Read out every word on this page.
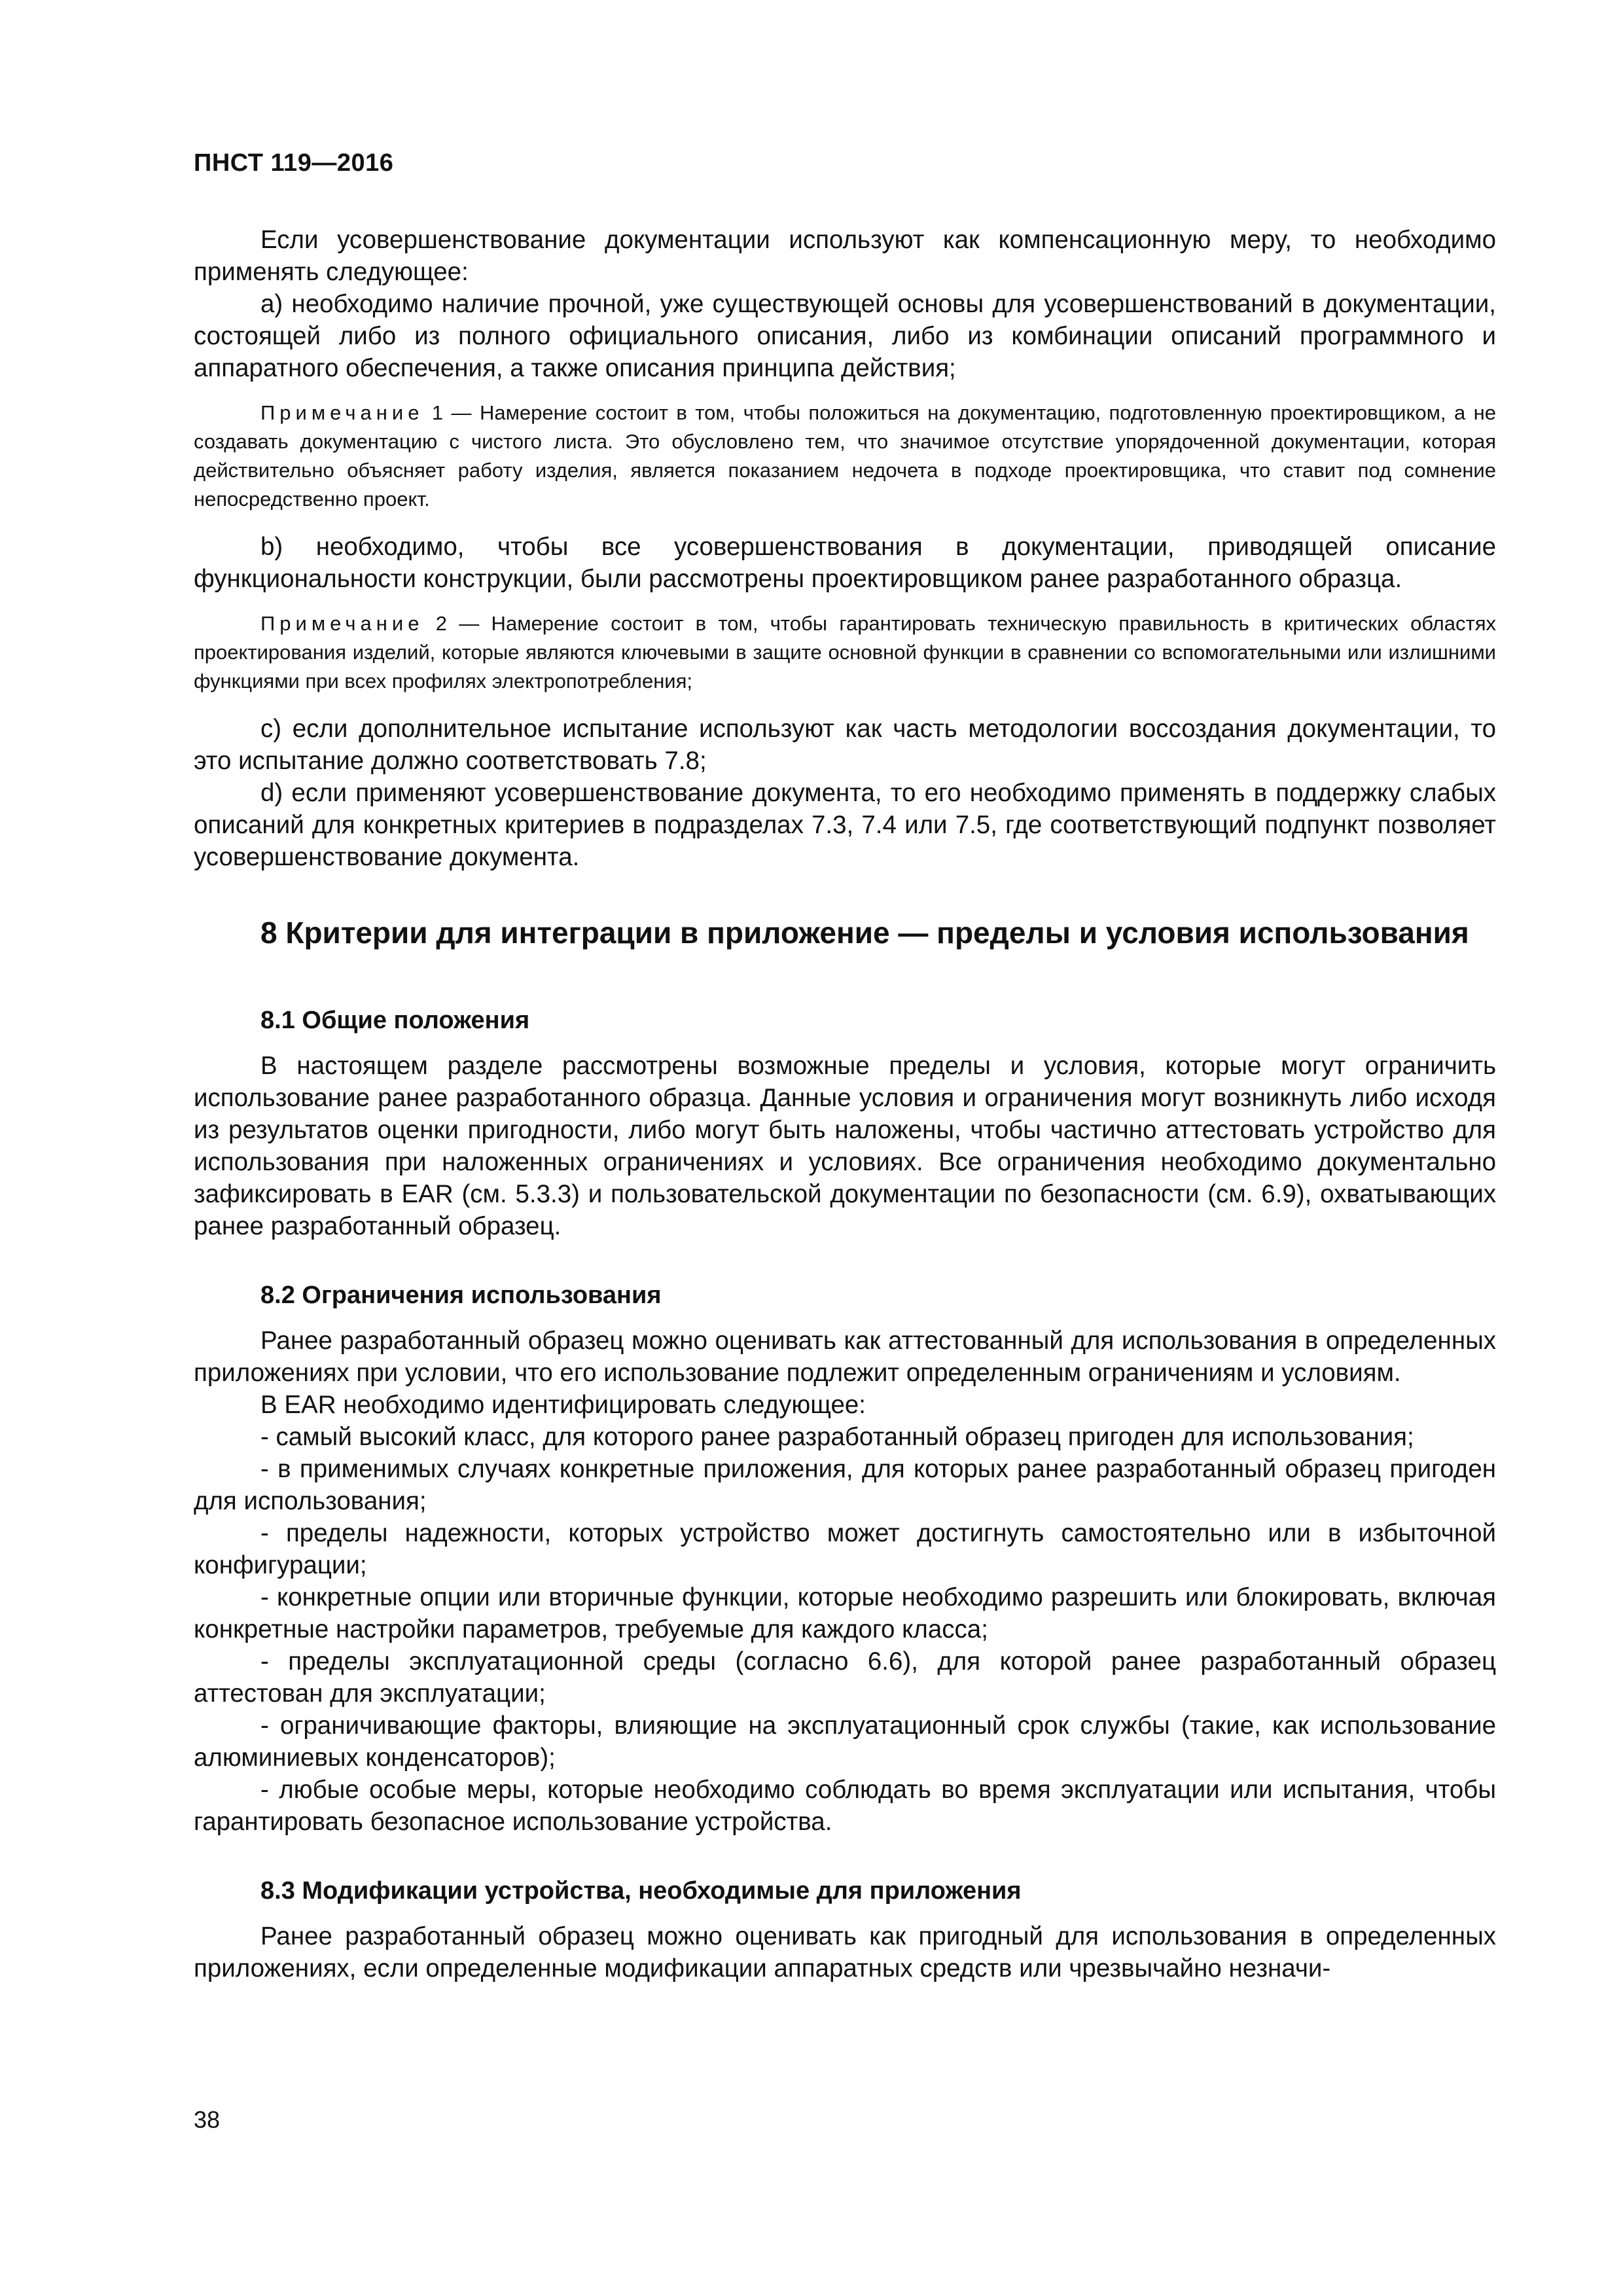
ПНСТ 119—2016

Если усовершенствование документации используют как компенсационную меру, то необходимо применять следующее:

а) необходимо наличие прочной, уже существующей основы для усовершенствований в документации, состоящей либо из полного официального описания, либо из комбинации описаний программного и аппаратного обеспечения, а также описания принципа действия;

Примечание 1 — Намерение состоит в том, чтобы положиться на документацию, подготовленную проектировщиком, а не создавать документацию с чистого листа. Это обусловлено тем, что значимое отсутствие упорядоченной документации, которая действительно объясняет работу изделия, является показанием недочета в подходе проектировщика, что ставит под сомнение непосредственно проект.

b) необходимо, чтобы все усовершенствования в документации, приводящей описание функциональности конструкции, были рассмотрены проектировщиком ранее разработанного образца.

Примечание 2 — Намерение состоит в том, чтобы гарантировать техническую правильность в критических областях проектирования изделий, которые являются ключевыми в защите основной функции в сравнении со вспомогательными или излишними функциями при всех профилях электропотребления;

c) если дополнительное испытание используют как часть методологии воссоздания документации, то это испытание должно соответствовать 7.8;

d) если применяют усовершенствование документа, то его необходимо применять в поддержку слабых описаний для конкретных критериев в подразделах 7.3, 7.4 или 7.5, где соответствующий подпункт позволяет усовершенствование документа.

8 Критерии для интеграции в приложение — пределы и условия использования
8.1 Общие положения

В настоящем разделе рассмотрены возможные пределы и условия, которые могут ограничить использование ранее разработанного образца. Данные условия и ограничения могут возникнуть либо исходя из результатов оценки пригодности, либо могут быть наложены, чтобы частично аттестовать устройство для использования при наложенных ограничениях и условиях. Все ограничения необходимо документально зафиксировать в EAR (см. 5.3.3) и пользовательской документации по безопасности (см. 6.9), охватывающих ранее разработанный образец.

8.2 Ограничения использования

Ранее разработанный образец можно оценивать как аттестованный для использования в определенных приложениях при условии, что его использование подлежит определенным ограничениям и условиям.

В EAR необходимо идентифицировать следующее:

- самый высокий класс, для которого ранее разработанный образец пригоден для использования;

- в применимых случаях конкретные приложения, для которых ранее разработанный образец пригоден для использования;

- пределы надежности, которых устройство может достигнуть самостоятельно или в избыточной конфигурации;

- конкретные опции или вторичные функции, которые необходимо разрешить или блокировать, включая конкретные настройки параметров, требуемые для каждого класса;

- пределы эксплуатационной среды (согласно 6.6), для которой ранее разработанный образец аттестован для эксплуатации;

- ограничивающие факторы, влияющие на эксплуатационный срок службы (такие, как использование алюминиевых конденсаторов);

- любые особые меры, которые необходимо соблюдать во время эксплуатации или испытания, чтобы гарантировать безопасное использование устройства.

8.3 Модификации устройства, необходимые для приложения

Ранее разработанный образец можно оценивать как пригодный для использования в определенных приложениях, если определенные модификации аппаратных средств или чрезвычайно незначи-

38
